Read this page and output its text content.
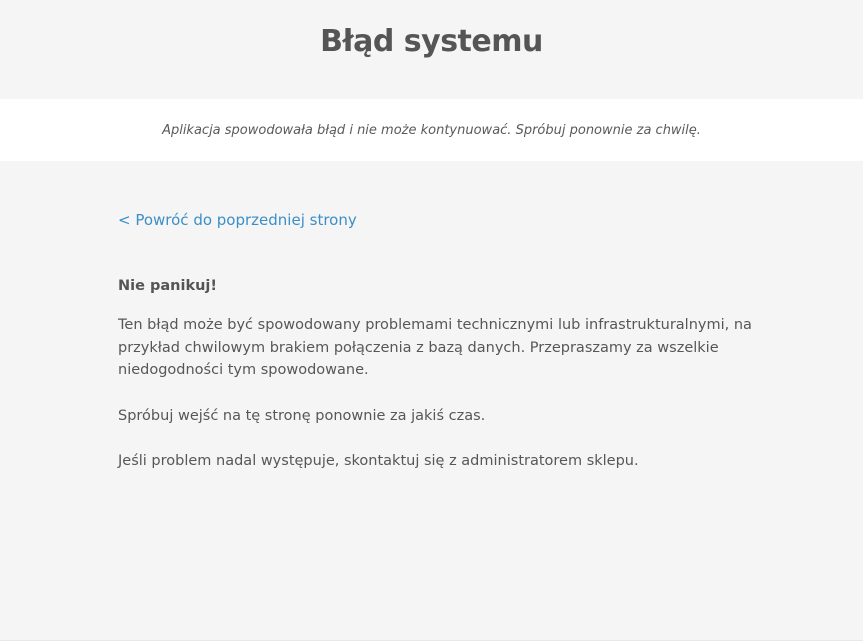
Błąd systemu

Aplikacja spowodowała błąd i nie może kontynuować. Spróbuj ponownie za chwilę.

< Powróć do poprzedniej strony
Nie panikuj!

Ten błąd może być spowodowany problemami technicznymi lub infrastrukturalnymi, na przykład chwilowym brakiem połączenia z bazą danych. Przepraszamy za wszelkie niedogodności tym spowodowane.

Spróbuj wejść na tę stronę ponownie za jakiś czas.

Jeśli problem nadal występuje, skontaktuj się z administratorem sklepu.
